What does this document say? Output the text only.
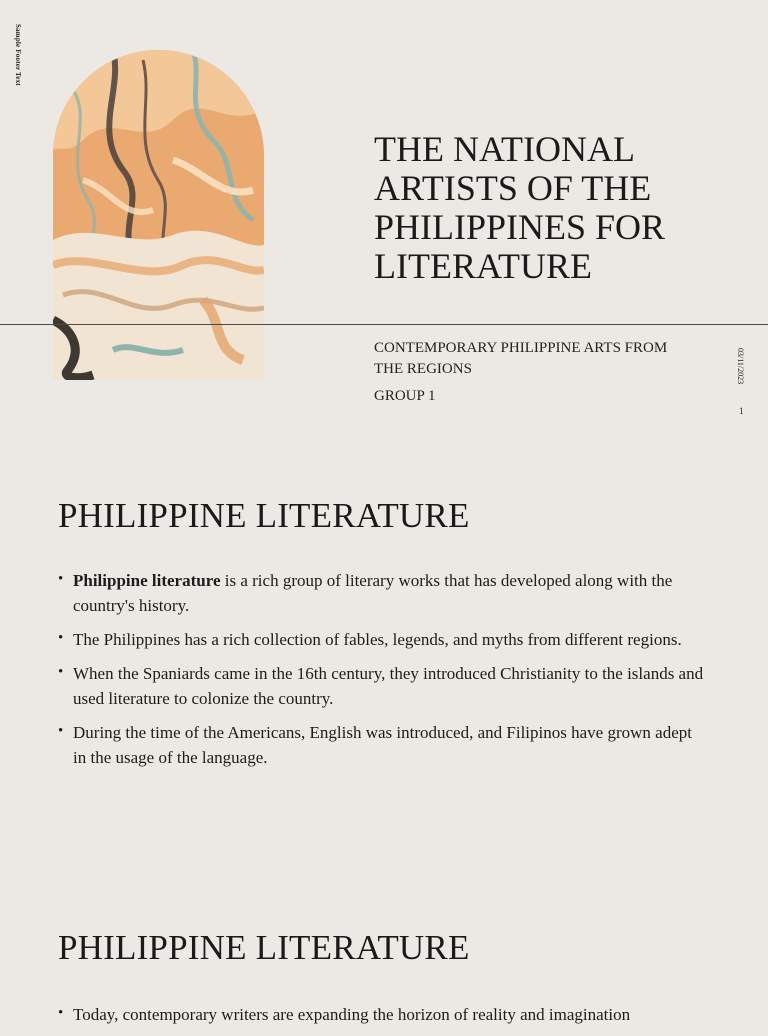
Sample Footer Text
THE NATIONAL ARTISTS OF THE PHILIPPINES FOR LITERATURE
CONTEMPORARY PHILIPPINE ARTS FROM THE REGIONS
GROUP 1
03/11/2023
1
PHILIPPINE LITERATURE
• Philippine literature is a rich group of literary works that has developed along with the country's history.
• The Philippines has a rich collection of fables, legends, and myths from different regions.
• When the Spaniards came in the 16th century, they introduced Christianity to the islands and used literature to colonize the country.
• During the time of the Americans, English was introduced, and Filipinos have grown adept in the usage of the language.
PHILIPPINE LITERATURE
• Today, contemporary writers are expanding the horizon of reality and imagination
